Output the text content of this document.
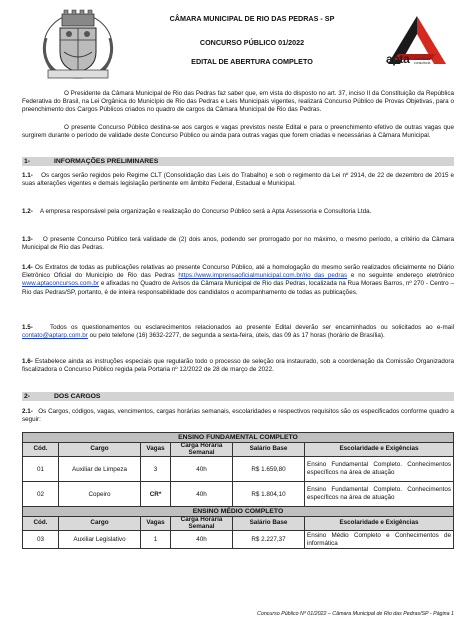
CÂMARA MUNICIPAL DE RIO DAS PEDRAS - SP
CONCURSO PÚBLICO 01/2022
EDITAL DE ABERTURA COMPLETO	apta assessoria e consultoria
O Presidente da Câmara Municipal de Rio das Pedras faz saber que, em vista do disposto no art. 37, inciso II da Constituição da República Federativa do Brasil, na Lei Orgânica do Município de Rio das Pedras e Leis Municipais vigentes, realizará Concurso Público de Provas Objetivas, para o preenchimento dos Cargos Públicos criados no quadro de cargos da Câmara Municipal de Rio das Pedras.
O presente Concurso Público destina-se aos cargos e vagas previstos neste Edital e para o preenchimento efetivo de outras vagas que surgirem durante o período de validade deste Concurso Público ou ainda para outras vagas que forem criadas e necessárias à Câmara Municipal.
1-	INFORMAÇÕES PRELIMINARES
1.1- Os cargos serão regidos pelo Regime CLT (Consolidação das Leis do Trabalho) e sob o regimento da Lei nº 2914, de 22 de dezembro de 2015 e suas alterações vigentes e demais legislação pertinente em âmbito Federal, Estadual e Municipal.
1.2- A empresa responsável pela organização e realização do Concurso Público será a Apta Assessoria e Consultoria Ltda.
1.3- O presente Concurso Público terá validade de (2) dois anos, podendo ser prorrogado por no máximo, o mesmo período, a critério da Câmara Municipal de Rio das Pedras.
1.4- Os Extratos de todas as publicações relativas ao presente Concurso Público, até a homologação do mesmo serão realizados oficialmente no Diário Eletrônico Oficial do Município de Rio das Pedras https://www.imprensaoficialmunicipal.com.br/rio_das_pedras e no seguinte endereço eletrônico www.aptaconcursos.com.br e afixadas no Quadro de Avisos da Câmara Municipal de Rio das Pedras, localizada na Rua Moraes Barros, nº 270 - Centro – Rio das Pedras/SP, portanto, é de inteira responsabilidade dos candidatos o acompanhamento de todas as publicações.
1.5-	Todos os questionamentos ou esclarecimentos relacionados ao presente Edital deverão ser encaminhados ou solicitados ao e-mail contato@aptarp.com.br ou pelo telefone (16) 3632-2277, de segunda a sexta-feira, úteis, das 09 às 17 horas (horário de Brasília).
1.6- Estabelece ainda as instruções especiais que regularão todo o processo de seleção ora instaurado, sob a coordenação da Comissão Organizadora fiscalizadora o Concurso Público regida pela Portaria nº 12/2022 de 28 de março de 2022.
2-	DOS CARGOS
2.1- Os Cargos, códigos, vagas, vencimentos, cargas horárias semanais, escolaridades e respectivos requisitos são os especificados conforme quadro a seguir:
ENSINO FUNDAMENTAL COMPLETO					
Cód.	Cargo	Vagas	Carga Horária Semanal	Salário Base	Escolaridade e Exigências
01	Auxiliar de Limpeza	3	40h	R$ 1.659,80	Ensino Fundamental Completo. Conhecimentos específicos na área de atuação
02	Copeiro	CR*	40h	R$ 1.804,10	Ensino Fundamental Completo. Conhecimentos específicos na área de atuação
ENSINO MÉDIO COMPLETO					
Cód.	Cargo	Vagas	Carga Horária Semanal	Salário Base	Escolaridade e Exigências
03	Auxiliar Legislativo	1	40h	R$ 2.227,37	Ensino Médio Completo e Conhecimentos de informática
Concurso Público Nº 01/2022 – Câmara Municipal de Rio das Pedras/SP - Página 1
